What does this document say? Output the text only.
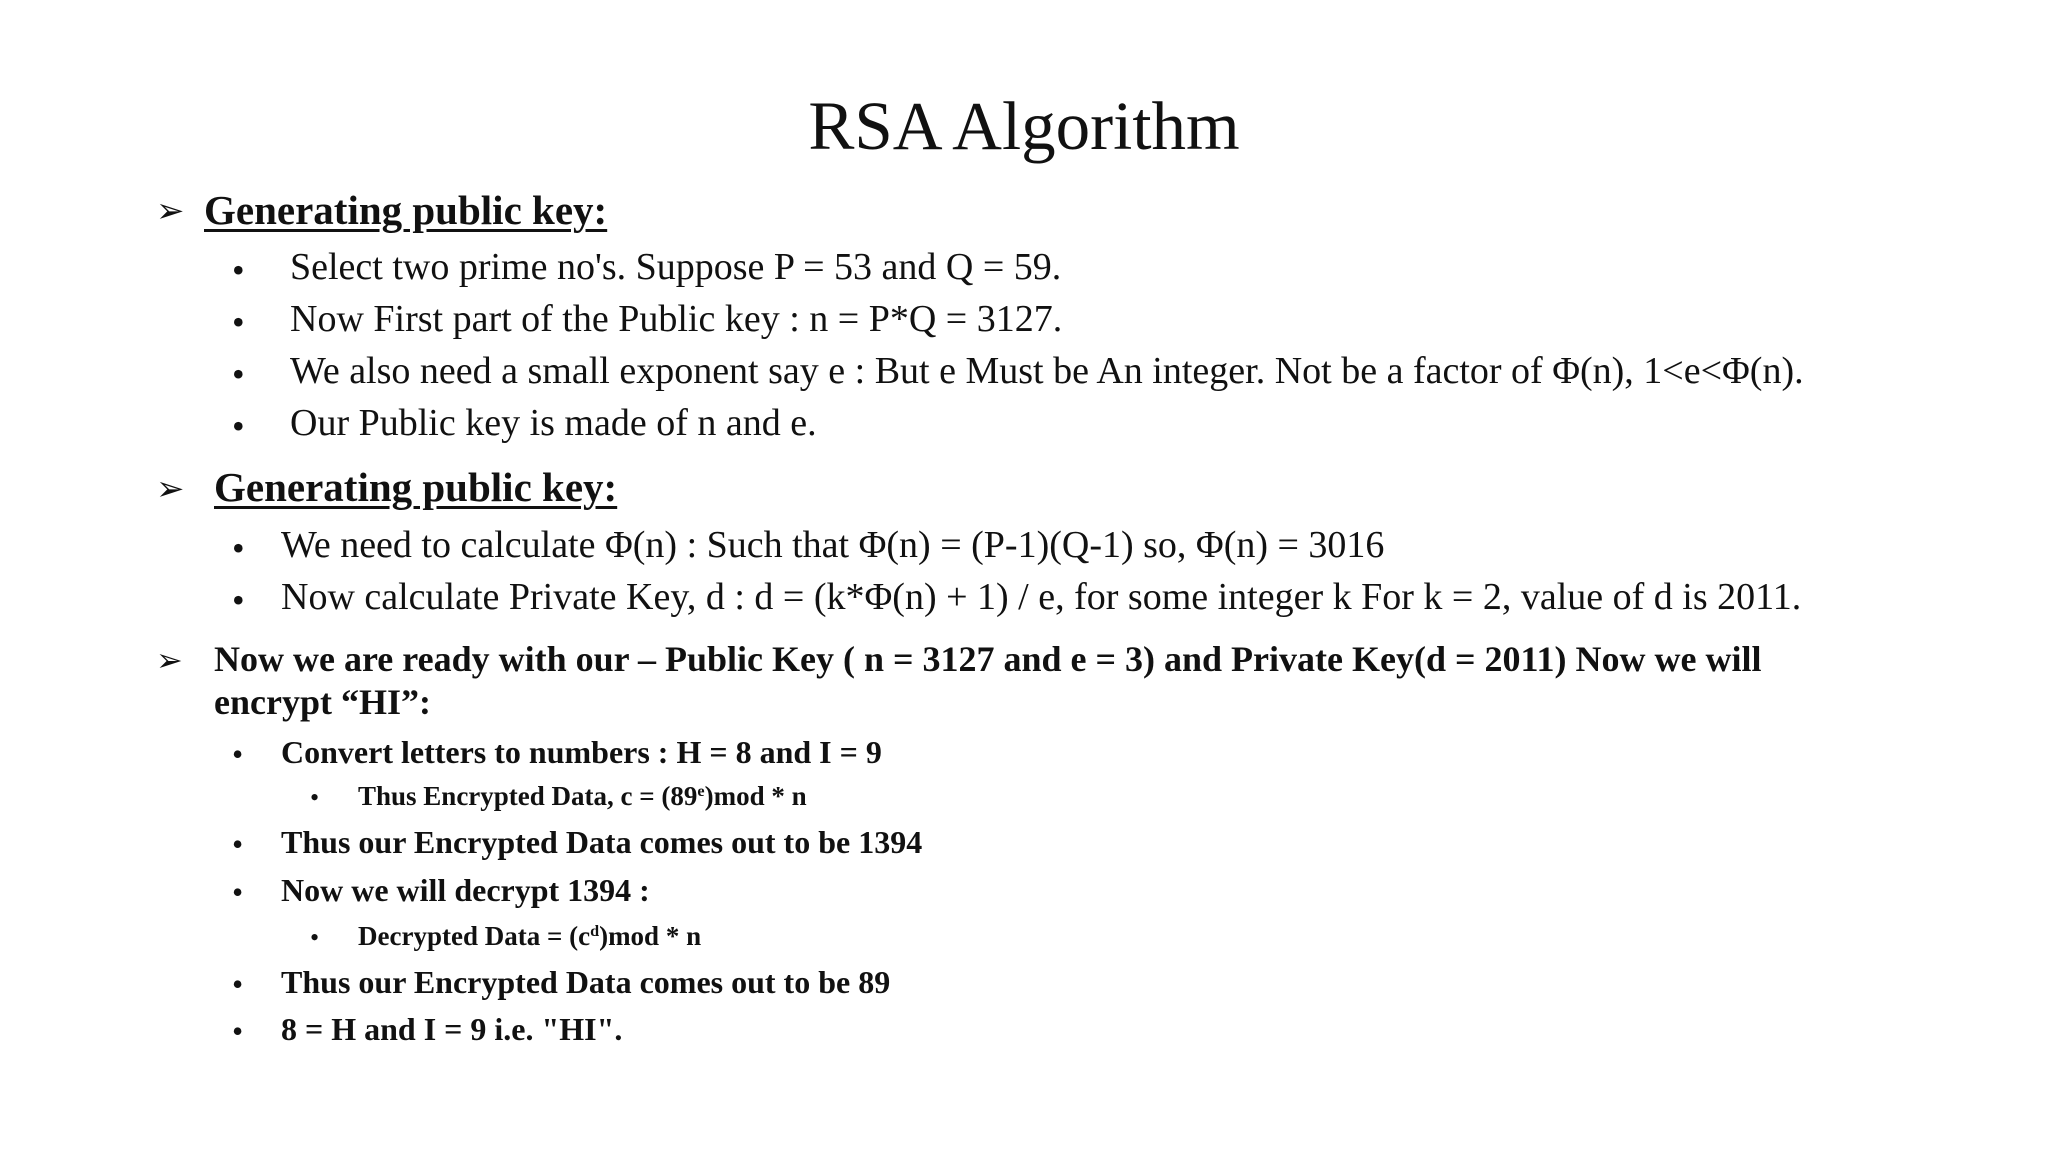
RSA Algorithm
➢ Generating public key:
• Select two prime no's. Suppose P = 53 and Q = 59.
• Now First part of the Public key : n = P*Q = 3127.
• We also need a small exponent say e : But e Must be An integer. Not be a factor of Φ(n), 1<e<Φ(n).
• Our Public key is made of n and e.
➢ Generating public key:
• We need to calculate Φ(n) : Such that Φ(n) = (P-1)(Q-1) so, Φ(n) = 3016
• Now calculate Private Key, d : d = (k*Φ(n) + 1) / e, for some integer k For k = 2, value of d is 2011.
➢ Now we are ready with our – Public Key ( n = 3127 and e = 3) and Private Key(d = 2011) Now we will
encrypt “HI”:
• Convert letters to numbers : H = 8 and I = 9
• Thus Encrypted Data, $c = (89^e)mod * n$
• Thus our Encrypted Data comes out to be 1394
• Now we will decrypt 1394 :
• Decrypted Data = $(c^d)mod$ * n
• Thus our Encrypted Data comes out to be 89
• 8 = H and I = 9 i.e. "HI".
